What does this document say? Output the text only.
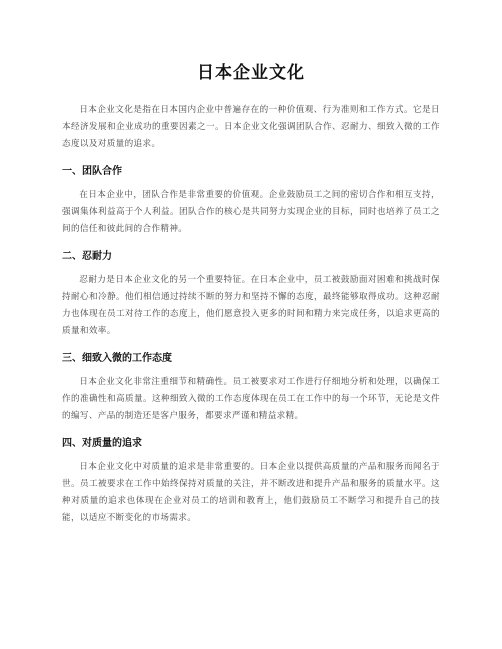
日本企业文化

日本企业文化是指在日本国内企业中普遍存在的一种价值观、行为准则和工作方式。它是日本经济发展和企业成功的重要因素之一。日本企业文化强调团队合作、忍耐力、细致入微的工作态度以及对质量的追求。

一、团队合作

在日本企业中，团队合作是非常重要的价值观。企业鼓励员工之间的密切合作和相互支持，强调集体利益高于个人利益。团队合作的核心是共同努力实现企业的目标，同时也培养了员工之间的信任和彼此间的合作精神。

二、忍耐力

忍耐力是日本企业文化的另一个重要特征。在日本企业中，员工被鼓励面对困难和挑战时保持耐心和冷静。他们相信通过持续不断的努力和坚持不懈的态度，最终能够取得成功。这种忍耐力也体现在员工对待工作的态度上，他们愿意投入更多的时间和精力来完成任务，以追求更高的质量和效率。

三、细致入微的工作态度

日本企业文化非常注重细节和精确性。员工被要求对工作进行仔细地分析和处理，以确保工作的准确性和高质量。这种细致入微的工作态度体现在员工在工作中的每一个环节，无论是文件的编写、产品的制造还是客户服务，都要求严谨和精益求精。

四、对质量的追求

日本企业文化中对质量的追求是非常重要的。日本企业以提供高质量的产品和服务而闻名于世。员工被要求在工作中始终保持对质量的关注，并不断改进和提升产品和服务的质量水平。这种对质量的追求也体现在企业对员工的培训和教育上，他们鼓励员工不断学习和提升自己的技能，以适应不断变化的市场需求。
